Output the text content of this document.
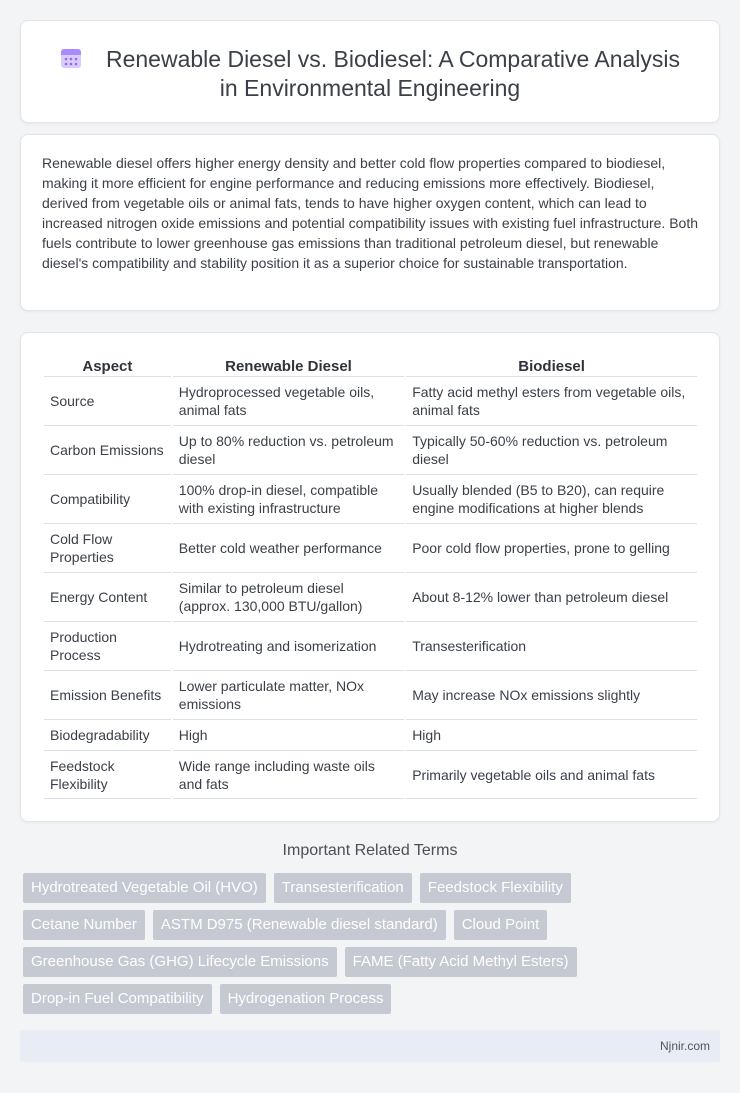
Renewable Diesel vs. Biodiesel: A Comparative Analysis
in Environmental Engineering

Renewable diesel offers higher energy density and better cold flow properties compared to biodiesel, making it more efficient for engine performance and reducing emissions more effectively. Biodiesel, derived from vegetable oils or animal fats, tends to have higher oxygen content, which can lead to increased nitrogen oxide emissions and potential compatibility issues with existing fuel infrastructure. Both fuels contribute to lower greenhouse gas emissions than traditional petroleum diesel, but renewable diesel's compatibility and stability position it as a superior choice for sustainable transportation.

Aspect	Renewable Diesel	Biodiesel
Source	Hydroprocessed vegetable oils, animal fats	Fatty acid methyl esters from vegetable oils, animal fats
Carbon Emissions	Up to 80% reduction vs. petroleum diesel	Typically 50-60% reduction vs. petroleum diesel
Compatibility	100% drop-in diesel, compatible with existing infrastructure	Usually blended (B5 to B20), can require engine modifications at higher blends
Cold Flow Properties	Better cold weather performance	Poor cold flow properties, prone to gelling
Energy Content	Similar to petroleum diesel (approx. 130,000 BTU/gallon)	About 8-12% lower than petroleum diesel
Production Process	Hydrotreating and isomerization	Transesterification
Emission Benefits	Lower particulate matter, NOx emissions	May increase NOx emissions slightly
Biodegradability	High	High
Feedstock Flexibility	Wide range including waste oils and fats	Primarily vegetable oils and animal fats
Important Related Terms
Hydrotreated Vegetable Oil (HVO)	Transesterification	Feedstock Flexibility
Cetane Number	ASTM D975 (Renewable diesel standard)	Cloud Point
Greenhouse Gas (GHG) Lifecycle Emissions	FAME (Fatty Acid Methyl Esters)
Drop-in Fuel Compatibility	Hydrogenation Process
Njnir.com
